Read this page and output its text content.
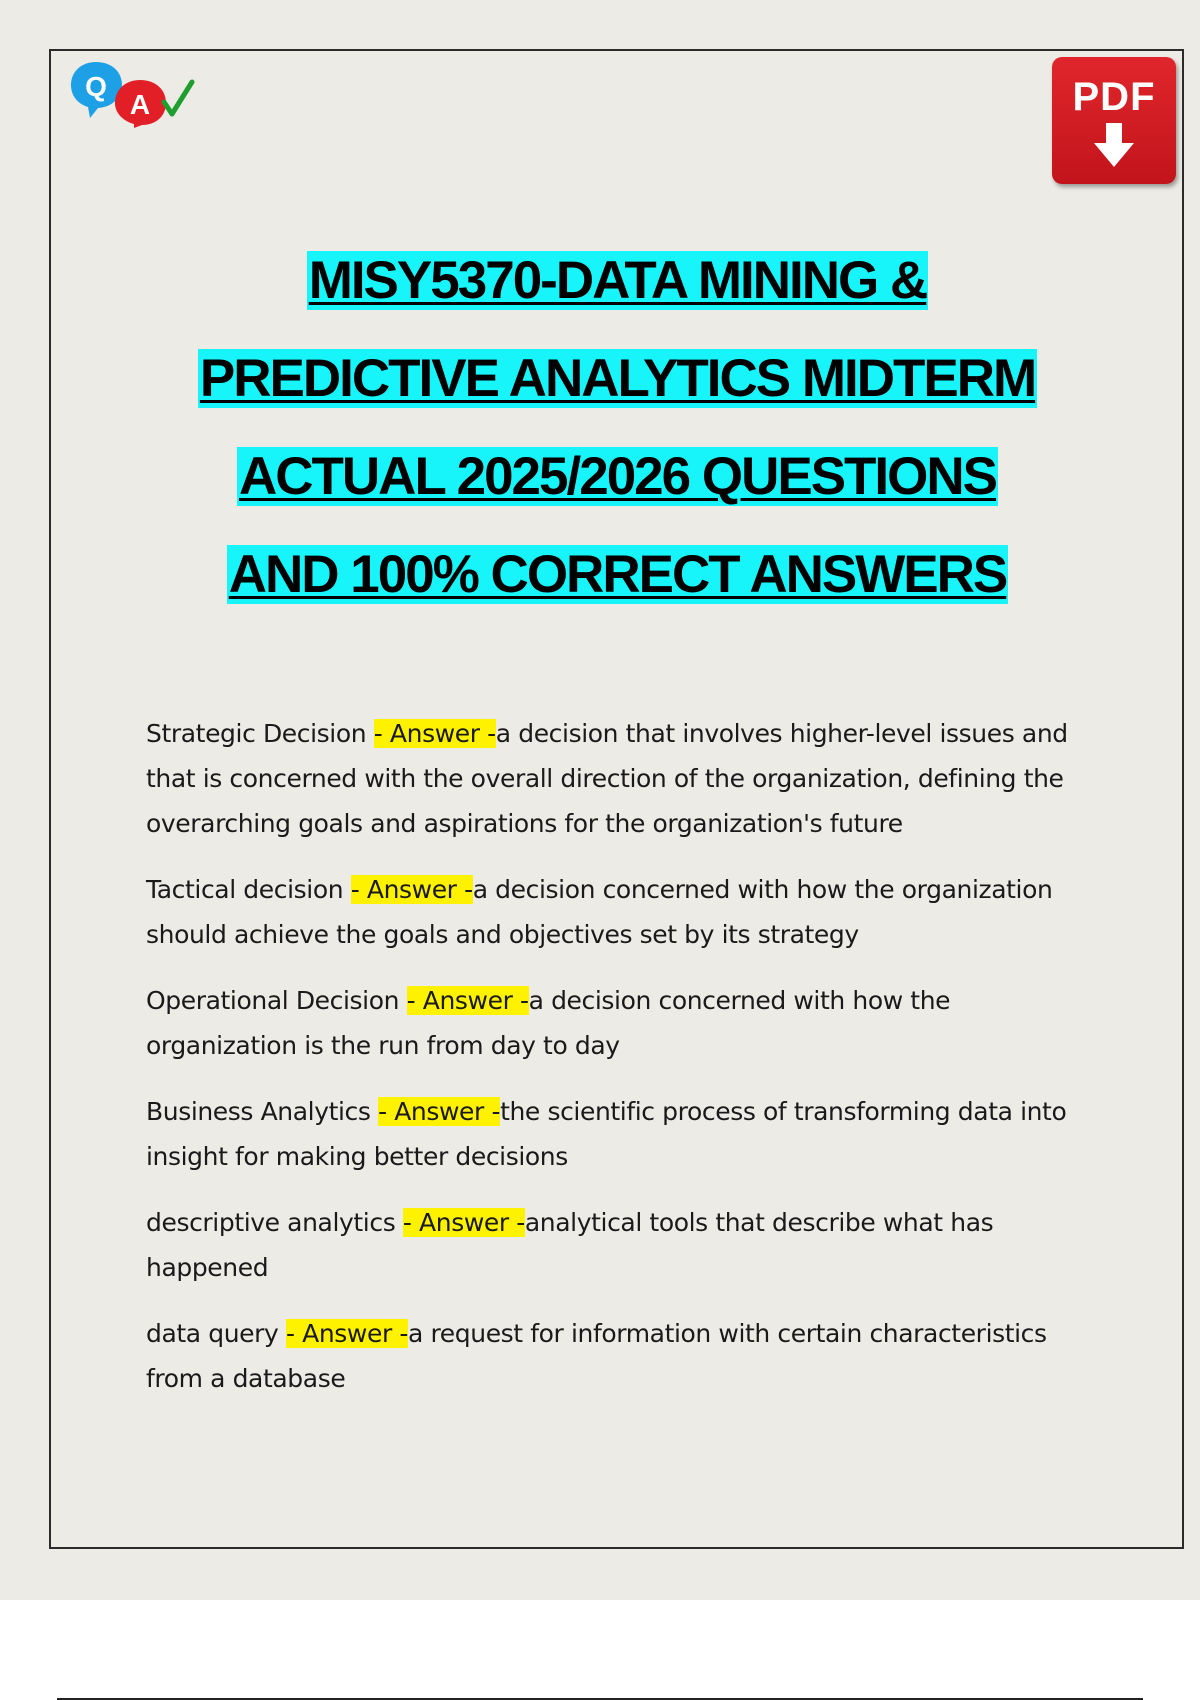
Q
A	PDF
MISY5370-DATA MINING &
PREDICTIVE ANALYTICS MIDTERM
ACTUAL 2025/2026 QUESTIONS
AND 100% CORRECT ANSWERS

Strategic Decision - Answer -a decision that involves higher-level issues and that is concerned with the overall direction of the organization, defining the overarching goals and aspirations for the organization's future

Tactical decision - Answer -a decision concerned with how the organization should achieve the goals and objectives set by its strategy

Operational Decision - Answer -a decision concerned with how the organization is the run from day to day

Business Analytics - Answer -the scientific process of transforming data into insight for making better decisions

descriptive analytics - Answer -analytical tools that describe what has happened

data query - Answer -a request for information with certain characteristics from a database
